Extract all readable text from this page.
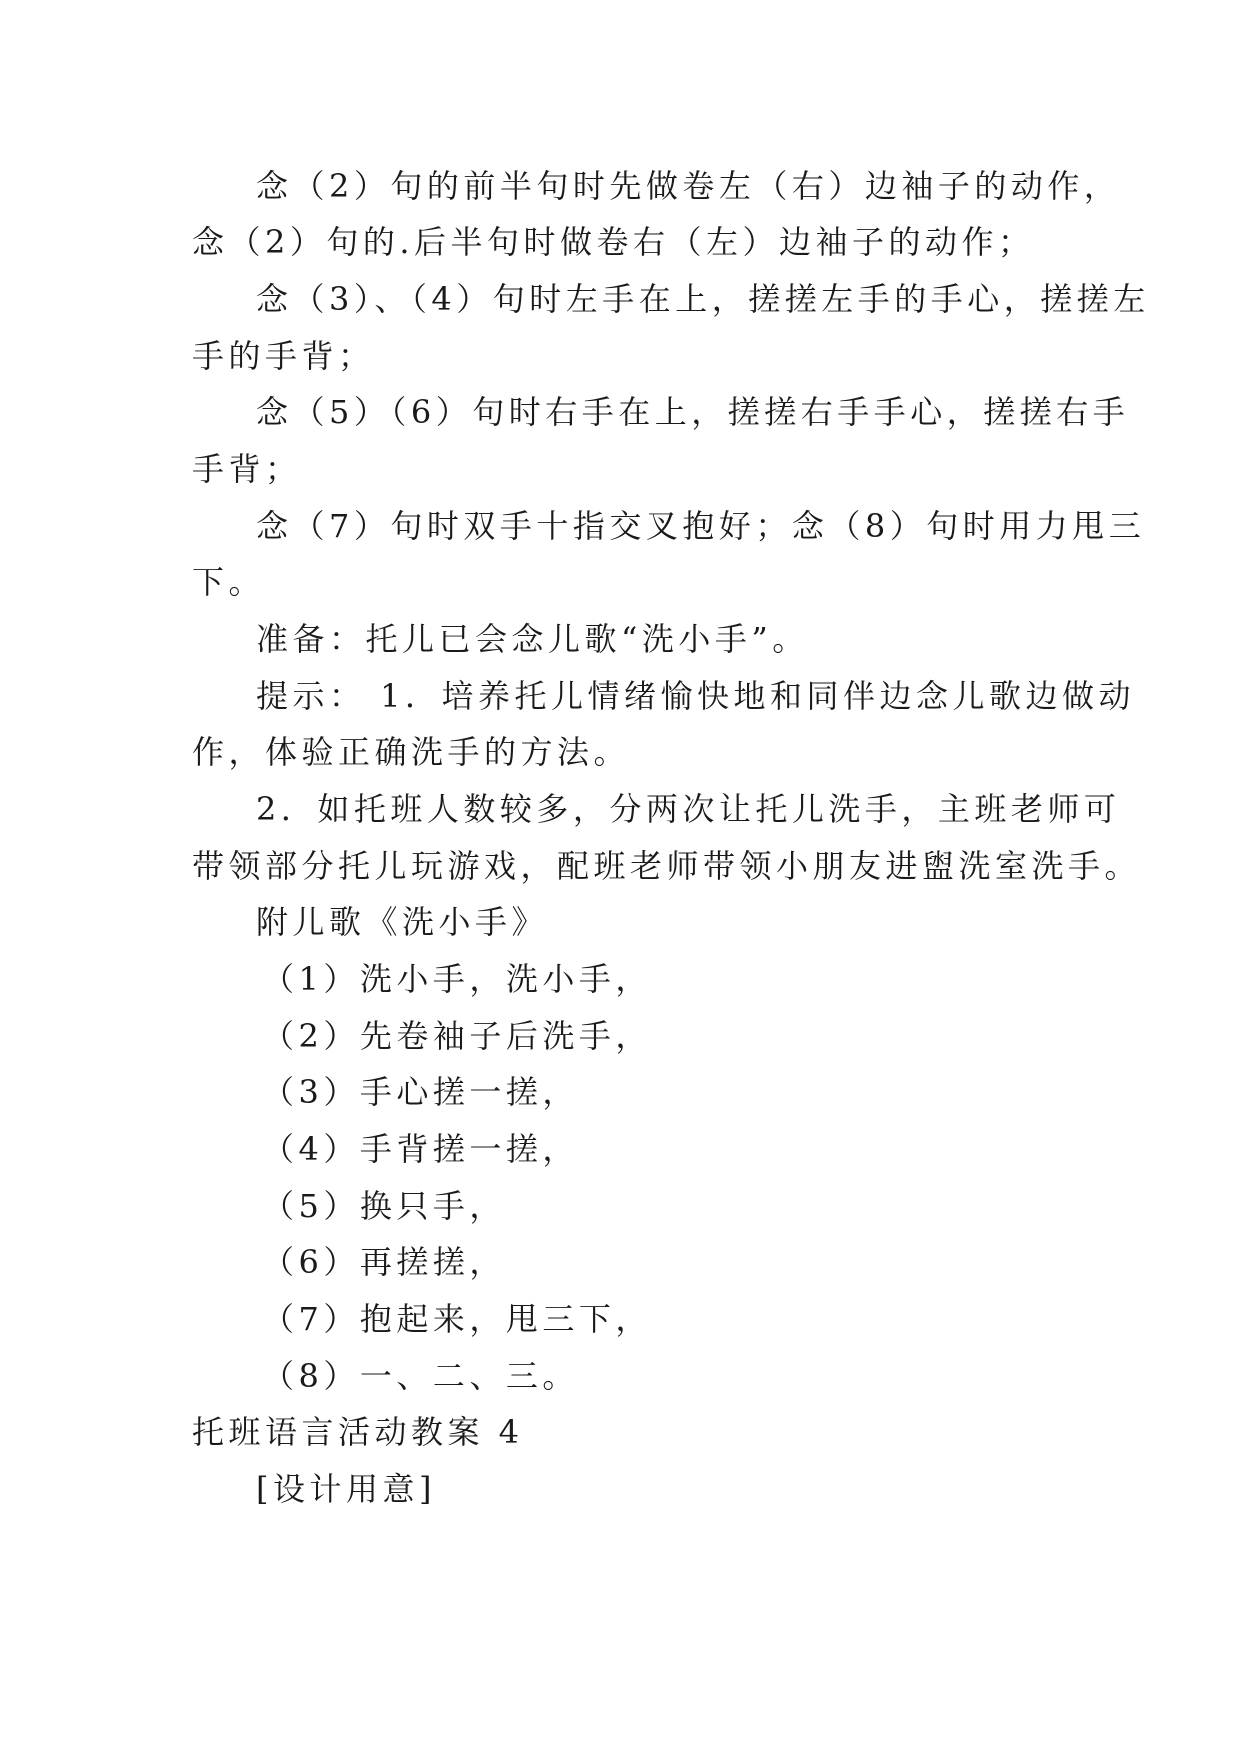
念（2）句的前半句时先做卷左（右）边袖子的动作，
念（2）句的.后半句时做卷右（左）边袖子的动作；
念（3）、（4）句时左手在上，搓搓左手的手心，搓搓左
手的手背；
念（5）（6）句时右手在上，搓搓右手手心，搓搓右手
手背；
念（7）句时双手十指交叉抱好；念（8）句时用力甩三
下。
准备：托儿已会念儿歌“洗小手”。
提示： 1．培养托儿情绪愉快地和同伴边念儿歌边做动
作，体验正确洗手的方法。
2．如托班人数较多，分两次让托儿洗手，主班老师可
带领部分托儿玩游戏，配班老师带领小朋友进盥洗室洗手。
附儿歌《洗小手》
（1）洗小手，洗小手，
（2）先卷袖子后洗手，
（3）手心搓一搓，
（4）手背搓一搓，
（5）换只手，
（6）再搓搓，
（7）抱起来，甩三下，
（8）一、二、三。
托班语言活动教案 4
[设计用意]
